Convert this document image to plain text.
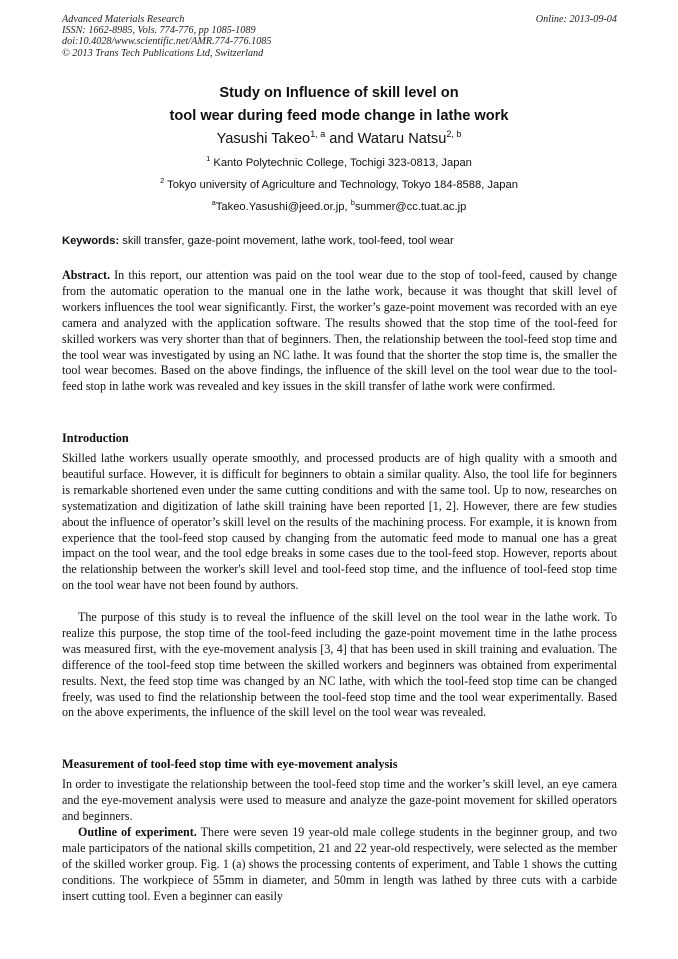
Advanced Materials Research
ISSN: 1662-8985, Vols. 774-776, pp 1085-1089
doi:10.4028/www.scientific.net/AMR.774-776.1085
© 2013 Trans Tech Publications Ltd, Switzerland
Online: 2013-09-04
Study on Influence of skill level on
tool wear during feed mode change in lathe work
Yasushi Takeo$^{1, a}$ and Wataru Natsu$^{2, b}$
$^1$ Kanto Polytechnic College, Tochigi 323-0813, Japan
$^2$ Tokyo university of Agriculture and Technology, Tokyo 184-8588, Japan
$^a$Takeo.Yasushi@jeed.or.jp, $^b$summer@cc.tuat.ac.jp
Keywords: skill transfer, gaze-point movement, lathe work, tool-feed, tool wear
Abstract. In this report, our attention was paid on the tool wear due to the stop of tool-feed, caused by change from the automatic operation to the manual one in the lathe work, because it was thought that skill level of workers influences the tool wear significantly. First, the worker’s gaze-point movement was recorded with an eye camera and analyzed with the application software. The results showed that the stop time of the tool-feed for skilled workers was very shorter than that of beginners. Then, the relationship between the tool-feed stop time and the tool wear was investigated by using an NC lathe. It was found that the shorter the stop time is, the smaller the tool wear becomes. Based on the above findings, the influence of the skill level on the tool wear due to the tool-feed stop in lathe work was revealed and key issues in the skill transfer of lathe work were confirmed.
Introduction
Skilled lathe workers usually operate smoothly, and processed products are of high quality with a smooth and beautiful surface. However, it is difficult for beginners to obtain a similar quality. Also, the tool life for beginners is remarkable shortened even under the same cutting conditions and with the same tool. Up to now, researches on systematization and digitization of lathe skill training have been reported [1, 2]. However, there are few studies about the influence of operator’s skill level on the results of the machining process. For example, it is known from experience that the tool-feed stop caused by changing from the automatic feed mode to manual one has a great impact on the tool wear, and the tool edge breaks in some cases due to the tool-feed stop. However, reports about the relationship between the worker's skill level and tool-feed stop time, and the influence of tool-feed stop time on the tool wear have not been found by authors.
The purpose of this study is to reveal the influence of the skill level on the tool wear in the lathe work. To realize this purpose, the stop time of the tool-feed including the gaze-point movement time in the lathe process was measured first, with the eye-movement analysis [3, 4] that has been used in skill training and evaluation. The difference of the tool-feed stop time between the skilled workers and beginners was obtained from experimental results. Next, the feed stop time was changed by an NC lathe, with which the tool-feed stop time can be changed freely, was used to find the relationship between the tool-feed stop time and the tool wear experimentally. Based on the above experiments, the influence of the skill level on the tool wear was revealed.
Measurement of tool-feed stop time with eye-movement analysis
In order to investigate the relationship between the tool-feed stop time and the worker’s skill level, an eye camera and the eye-movement analysis were used to measure and analyze the gaze-point movement for skilled operators and beginners.
Outline of experiment. There were seven 19 year-old male college students in the beginner group, and two male participators of the national skills competition, 21 and 22 year-old respectively, were selected as the member of the skilled worker group. Fig. 1 (a) shows the processing contents of experiment, and Table 1 shows the cutting conditions. The workpiece of 55mm in diameter, and 50mm in length was lathed by three cuts with a carbide insert cutting tool. Even a beginner can easily
